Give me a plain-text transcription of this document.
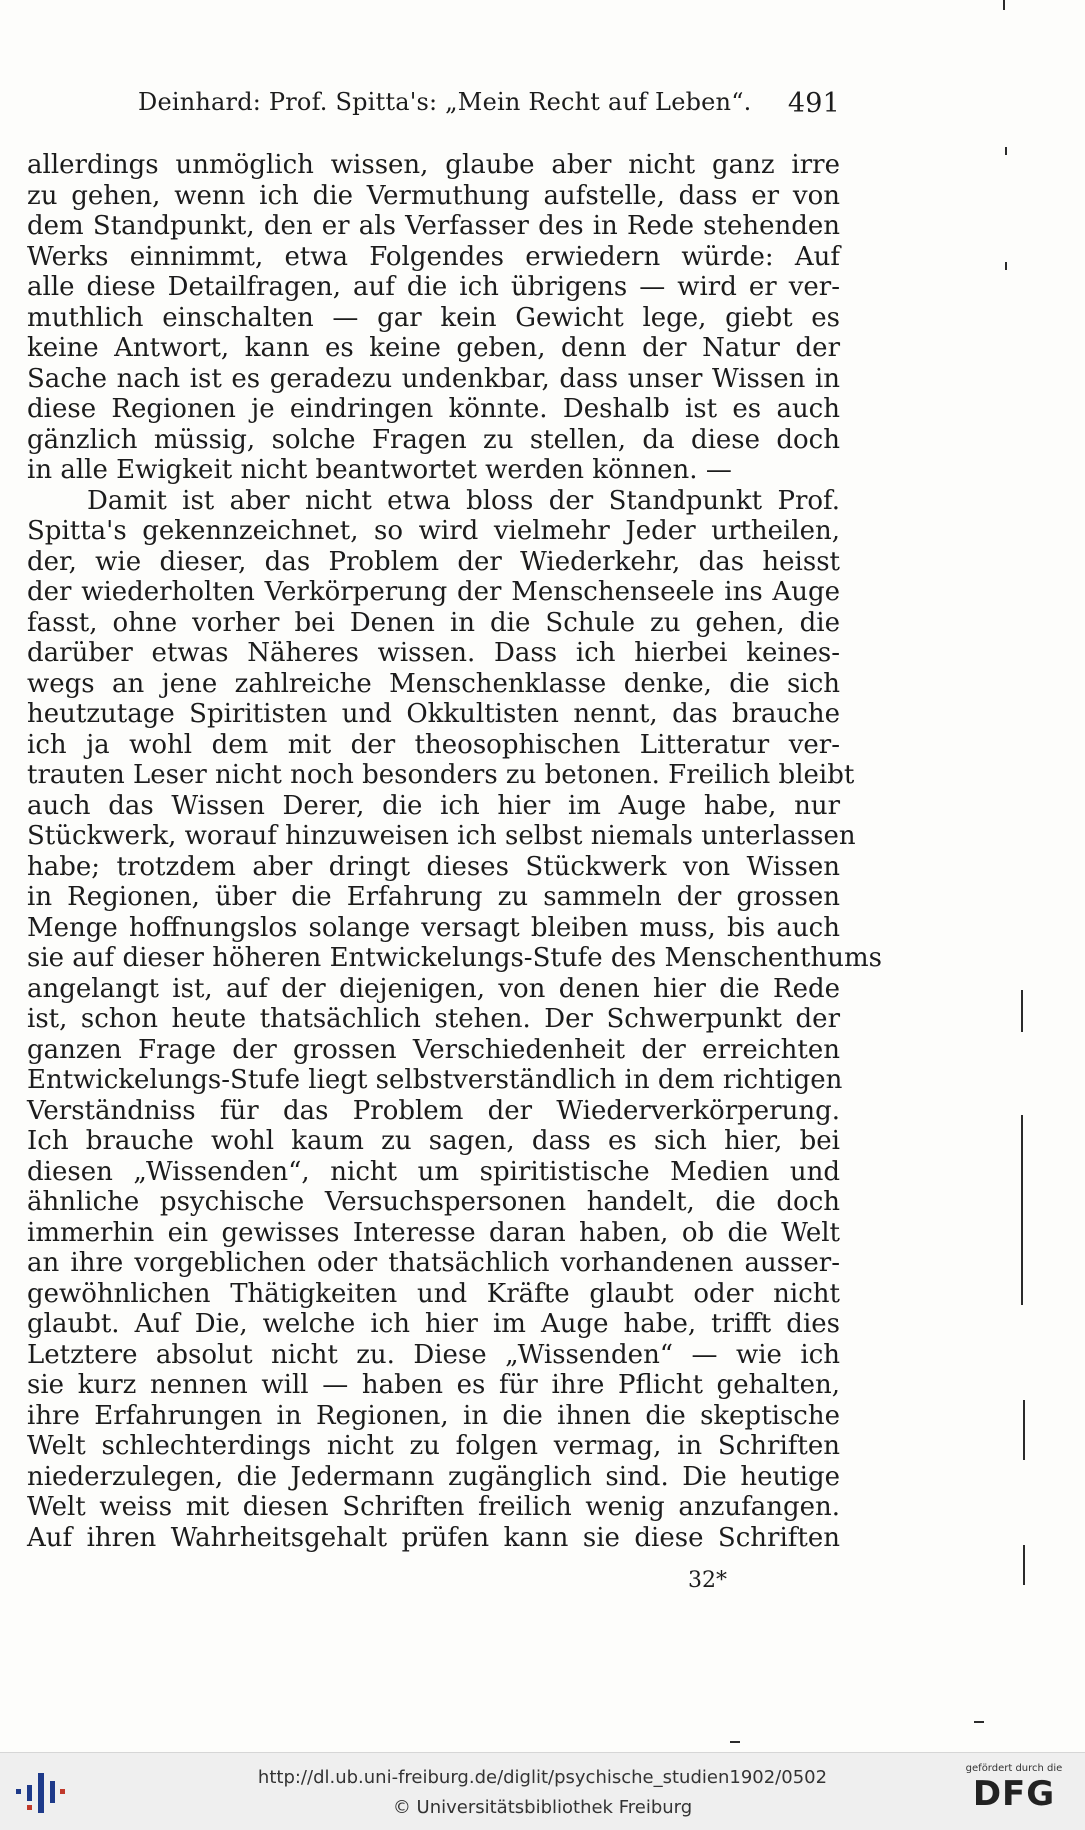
Deinhard: Prof. Spitta's: „Mein Recht auf Leben“. 491
allerdings unmöglich wissen, glaube aber nicht ganz irre
zu gehen, wenn ich die Vermuthung aufstelle, dass er von
dem Standpunkt, den er als Verfasser des in Rede stehenden
Werks einnimmt, etwa Folgendes erwiedern würde: Auf
alle diese Detailfragen, auf die ich übrigens — wird er ver-
muthlich einschalten — gar kein Gewicht lege, giebt es
keine Antwort, kann es keine geben, denn der Natur der
Sache nach ist es geradezu undenkbar, dass unser Wissen in
diese Regionen je eindringen könnte. Deshalb ist es auch
gänzlich müssig, solche Fragen zu stellen, da diese doch
in alle Ewigkeit nicht beantwortet werden können. —
Damit ist aber nicht etwa bloss der Standpunkt Prof.
Spitta's gekennzeichnet, so wird vielmehr Jeder urtheilen,
der, wie dieser, das Problem der Wiederkehr, das heisst
der wiederholten Verkörperung der Menschenseele ins Auge
fasst, ohne vorher bei Denen in die Schule zu gehen, die
darüber etwas Näheres wissen. Dass ich hierbei keines-
wegs an jene zahlreiche Menschenklasse denke, die sich
heutzutage Spiritisten und Okkultisten nennt, das brauche
ich ja wohl dem mit der theosophischen Litteratur ver-
trauten Leser nicht noch besonders zu betonen. Freilich bleibt
auch das Wissen Derer, die ich hier im Auge habe, nur
Stückwerk, worauf hinzuweisen ich selbst niemals unterlassen
habe; trotzdem aber dringt dieses Stückwerk von Wissen
in Regionen, über die Erfahrung zu sammeln der grossen
Menge hoffnungslos solange versagt bleiben muss, bis auch
sie auf dieser höheren Entwickelungs-Stufe des Menschenthums
angelangt ist, auf der diejenigen, von denen hier die Rede
ist, schon heute thatsächlich stehen. Der Schwerpunkt der
ganzen Frage der grossen Verschiedenheit der erreichten
Entwickelungs-Stufe liegt selbstverständlich in dem richtigen
Verständniss für das Problem der Wiederverkörperung.
Ich brauche wohl kaum zu sagen, dass es sich hier, bei
diesen „Wissenden“, nicht um spiritistische Medien und
ähnliche psychische Versuchspersonen handelt, die doch
immerhin ein gewisses Interesse daran haben, ob die Welt
an ihre vorgeblichen oder thatsächlich vorhandenen ausser-
gewöhnlichen Thätigkeiten und Kräfte glaubt oder nicht
glaubt. Auf Die, welche ich hier im Auge habe, trifft dies
Letztere absolut nicht zu. Diese „Wissenden“ — wie ich
sie kurz nennen will — haben es für ihre Pflicht gehalten,
ihre Erfahrungen in Regionen, in die ihnen die skeptische
Welt schlechterdings nicht zu folgen vermag, in Schriften
niederzulegen, die Jedermann zugänglich sind. Die heutige
Welt weiss mit diesen Schriften freilich wenig anzufangen.
Auf ihren Wahrheitsgehalt prüfen kann sie diese Schriften
32*
http://dl.ub.uni-freiburg.de/diglit/psychische_studien1902/0502
© Universitätsbibliothek Freiburg
gefördert durch die
DFG
